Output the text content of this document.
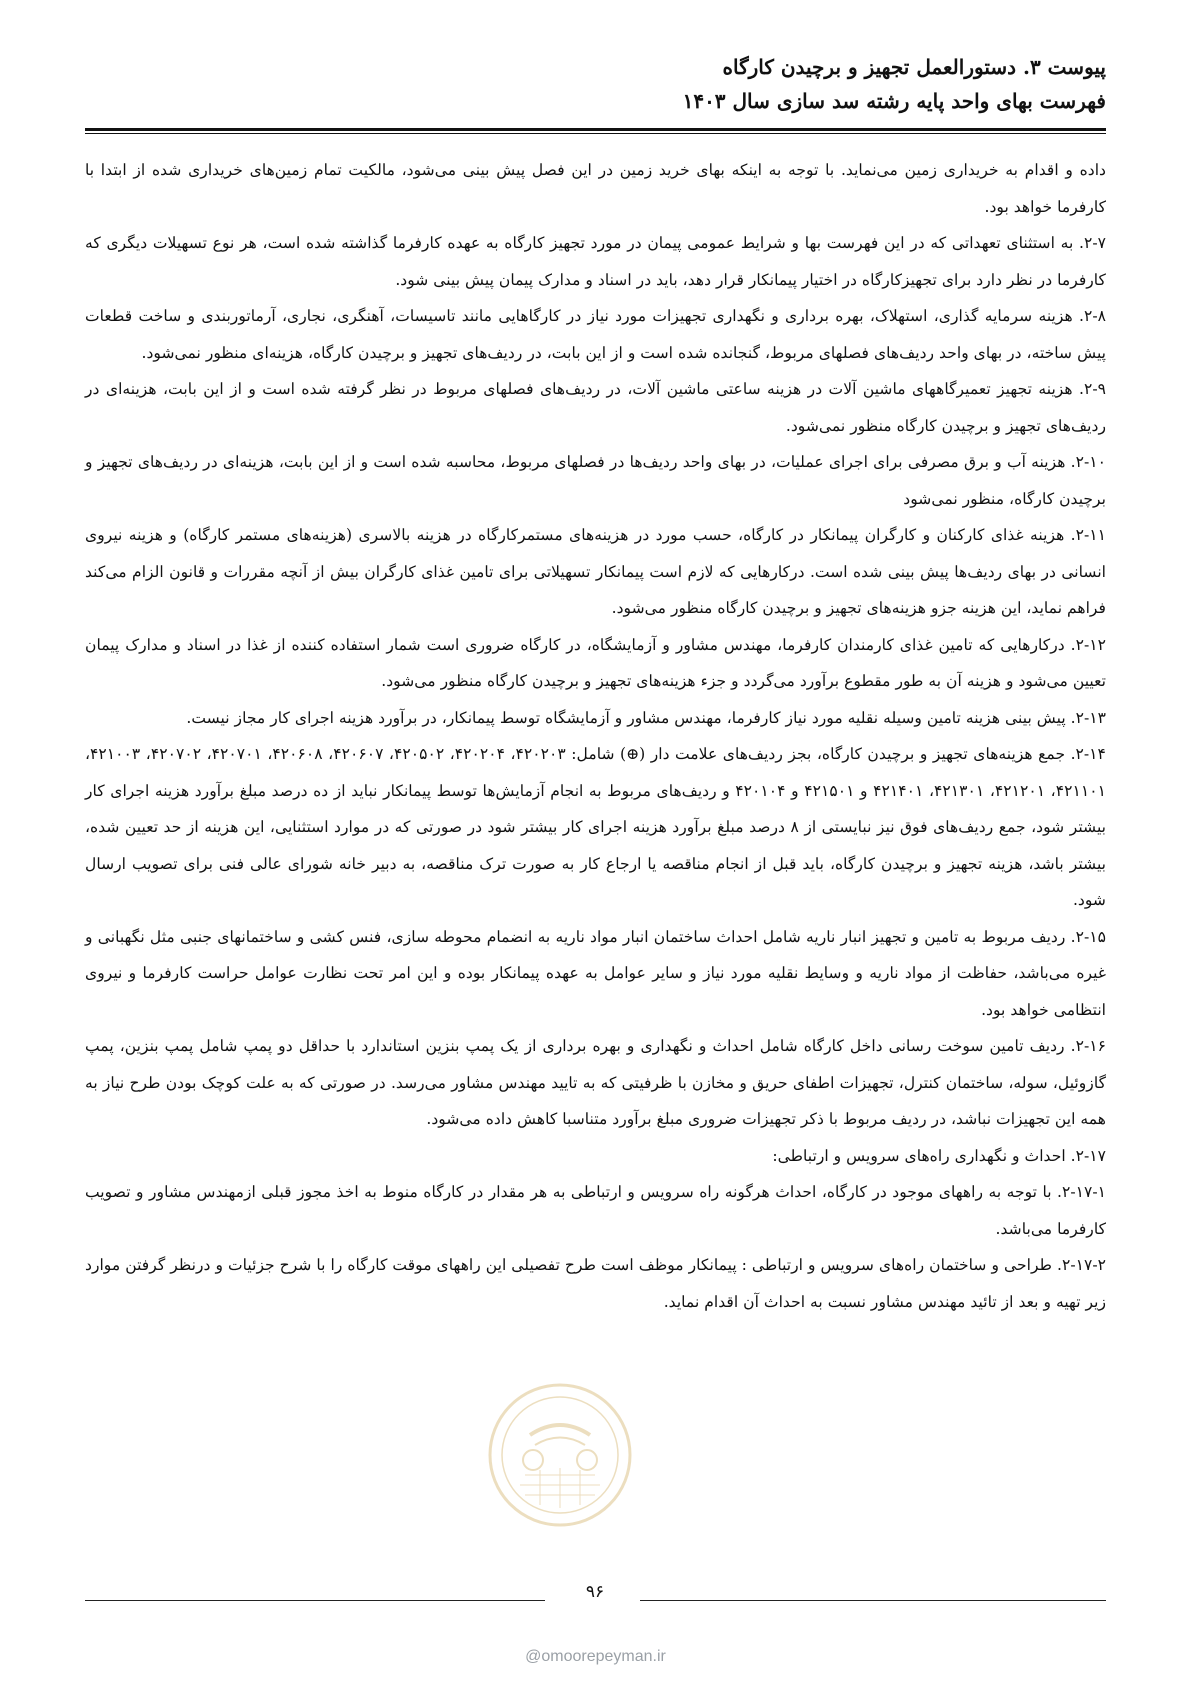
پیوست ۳. دستورالعمل تجهیز و برچیدن کارگاه
فهرست بهای واحد پایه رشته سد سازی سال ۱۴۰۳

داده و اقدام به خریداری زمین می‌نماید. با توجه به اینکه بهای خرید زمین در این فصل پیش بینی می‌شود، مالکیت تمام زمین‌های خریداری شده از ابتدا با کارفرما خواهد بود.

۲-۷. به استثنای تعهداتی که در این فهرست بها و شرایط عمومی پیمان در مورد تجهیز کارگاه به عهده کارفرما گذاشته شده است، هر نوع تسهیلات دیگری که کارفرما در نظر دارد برای تجهیزکارگاه در اختیار پیمانکار قرار دهد، باید در اسناد و مدارک پیمان پیش بینی شود.

۲-۸. هزینه سرمایه گذاری، استهلاک، بهره برداری و نگهداری تجهیزات مورد نیاز در کارگاهایی مانند تاسیسات، آهنگری، نجاری، آرماتوربندی و ساخت قطعات پیش ساخته، در بهای واحد ردیف‌های فصلهای مربوط، گنجانده شده است و از این بابت، در ردیف‌های تجهیز و برچیدن کارگاه، هزینه‌ای منظور نمی‌شود.

۲-۹. هزینه تجهیز تعمیرگاههای ماشین آلات در هزینه ساعتی ماشین آلات، در ردیف‌های فصلهای مربوط در نظر گرفته شده است و از این بابت، هزینه‌ای در ردیف‌های تجهیز و برچیدن کارگاه منظور نمی‌شود.

۲-۱۰. هزینه آب و برق مصرفی برای اجرای عملیات، در بهای واحد ردیف‌ها در فصلهای مربوط، محاسبه شده است و از این بابت، هزینه‌ای در ردیف‌های تجهیز و برچیدن کارگاه، منظور نمی‌شود

۲-۱۱. هزینه غذای کارکنان و کارگران پیمانکار در کارگاه، حسب مورد در هزینه‌های مستمرکارگاه در هزینه بالاسری (هزینه‌های مستمر کارگاه) و هزینه نیروی انسانی در بهای ردیف‌ها پیش بینی شده است. درکارهایی که لازم است پیمانکار تسهیلاتی برای تامین غذای کارگران بیش از آنچه مقررات و قانون الزام می‌کند فراهم نماید، این هزینه جزو هزینه‌های تجهیز و برچیدن کارگاه منظور می‌شود.

۲-۱۲. درکارهایی که تامین غذای کارمندان کارفرما، مهندس مشاور و آزمایشگاه، در کارگاه ضروری است شمار استفاده کننده از غذا در اسناد و مدارک پیمان تعیین می‌شود و هزینه آن به طور مقطوع برآورد می‌گردد و جزء هزینه‌های تجهیز و برچیدن کارگاه منظور می‌شود.

۲-۱۳. پیش بینی هزینه تامین وسیله نقلیه مورد نیاز کارفرما، مهندس مشاور و آزمایشگاه توسط پیمانکار، در برآورد هزینه اجرای کار مجاز نیست.

۲-۱۴. جمع هزینه‌های تجهیز و برچیدن کارگاه، بجز ردیف‌های علامت دار (⊕) شامل: ۴۲۰۲۰۳، ۴۲۰۲۰۴، ۴۲۰۵۰۲، ۴۲۰۶۰۷، ۴۲۰۶۰۸، ۴۲۰۷۰۱، ۴۲۰۷۰۲، ۴۲۱۰۰۳، ۴۲۱۱۰۱، ۴۲۱۲۰۱، ۴۲۱۳۰۱، ۴۲۱۴۰۱ و ۴۲۱۵۰۱ و ۴۲۰۱۰۴ و ردیف‌های مربوط به انجام آزمایش‌ها توسط پیمانکار نباید از ده درصد مبلغ برآورد هزینه اجرای کار بیشتر شود، جمع ردیف‌های فوق نیز نبایستی از ۸ درصد مبلغ برآورد هزینه اجرای کار بیشتر شود در صورتی که در موارد استثنایی، این هزینه از حد تعیین شده، بیشتر باشد، هزینه تجهیز و برچیدن کارگاه، باید قبل از انجام مناقصه یا ارجاع کار به صورت ترک مناقصه، به دبیر خانه شورای عالی فنی برای تصویب ارسال شود.

۲-۱۵. ردیف مربوط به تامین و تجهیز انبار ناریه شامل احداث ساختمان انبار مواد ناریه به انضمام محوطه سازی، فنس کشی و ساختمانهای جنبی مثل نگهبانی و غیره می‌باشد، حفاظت از مواد ناریه و وسایط نقلیه مورد نیاز و سایر عوامل به عهده پیمانکار بوده و این امر تحت نظارت عوامل حراست کارفرما و نیروی انتظامی خواهد بود.

۲-۱۶. ردیف تامین سوخت رسانی داخل کارگاه شامل احداث و نگهداری و بهره برداری از یک پمپ بنزین استاندارد با حداقل دو پمپ شامل پمپ بنزین، پمپ گازوئیل، سوله، ساختمان کنترل، تجهیزات اطفای حریق و مخازن با ظرفیتی که به تایید مهندس مشاور می‌رسد. در صورتی که به علت کوچک بودن طرح نیاز به همه این تجهیزات نباشد، در ردیف مربوط با ذکر تجهیزات ضروری مبلغ برآورد متناسبا کاهش داده می‌شود.

۲-۱۷. احداث و نگهداری راه‌های سرویس و ارتباطی:

۲-۱۷-۱. با توجه به راههای موجود در کارگاه، احداث هرگونه راه سرویس و ارتباطی به هر مقدار در کارگاه منوط به اخذ مجوز قبلی ازمهندس مشاور و تصویب کارفرما می‌باشد.

۲-۱۷-۲. طراحی و ساختمان راه‌های سرویس و ارتباطی : پیمانکار موظف است طرح تفصیلی این راههای موقت کارگاه را با شرح جزئیات و درنظر گرفتن موارد زیر تهیه و بعد از تائید مهندس مشاور نسبت به احداث آن اقدام نماید.

۹۶
@omoorepeyman.ir
